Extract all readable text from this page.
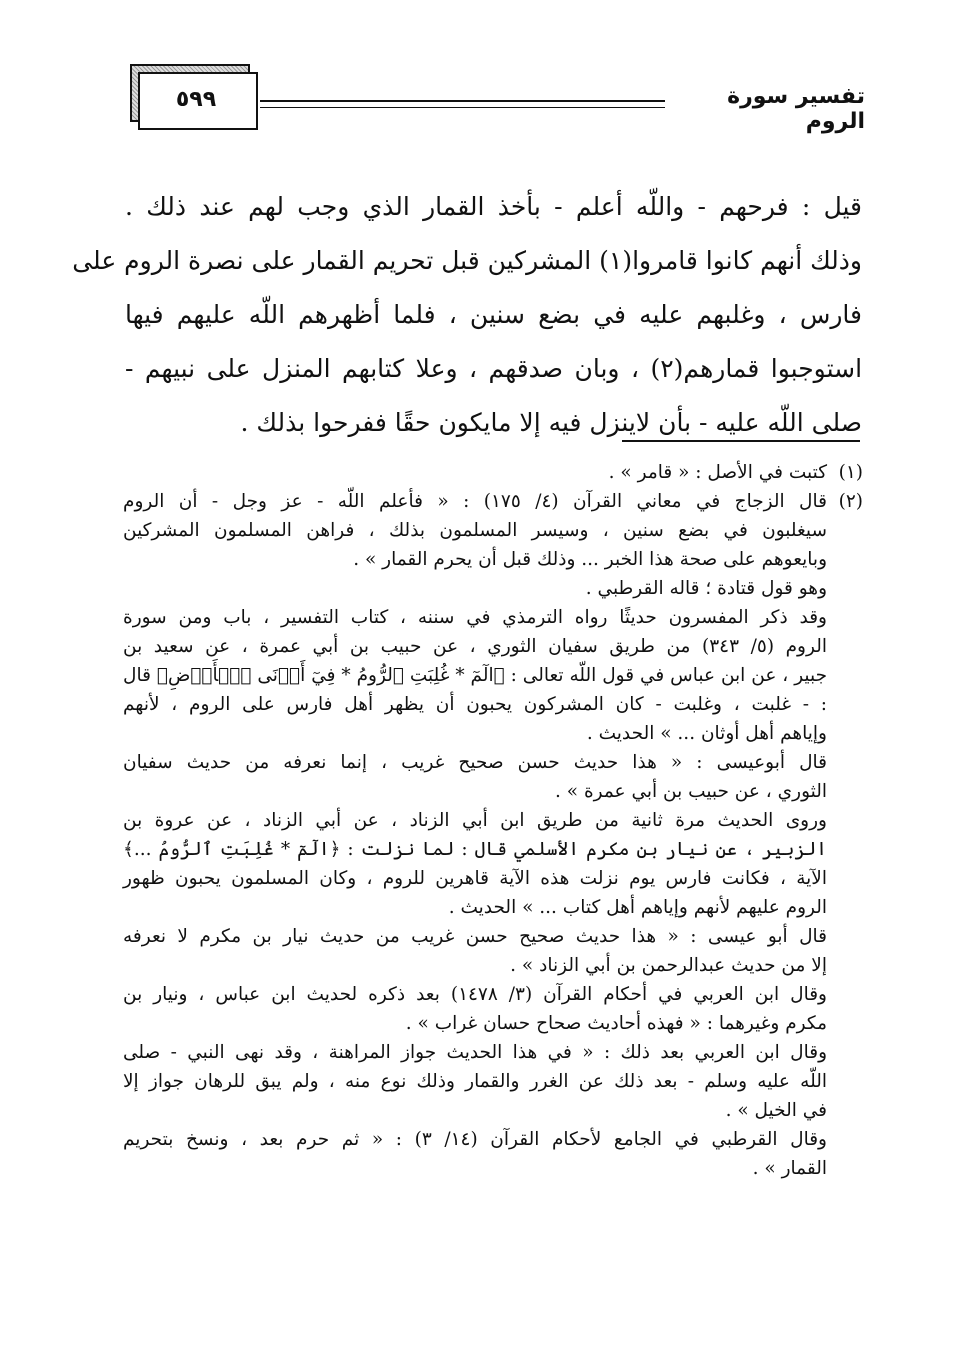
٥٩٩	تفسير سورة الروم
قيل : فرحهم - واللّه أعلم - بأخذ القمار الذي وجب لهم عند ذلك .
وذلك أنهم كانوا قامروا(١) المشركين قبل تحريم القمار على نصرة الروم على
فارس ، وغلبهم عليه في بضع سنين ، فلما أظهرهم اللّه عليهم فيها
استوجبوا قمارهم(٢) ، وبان صدقهم ، وعلا كتابهم المنزل على نبيهم -
صلى اللّه عليه - بأن لاينزل فيه إلا مايكون حقًا ففرحوا بذلك .
(١)كتبت في الأصل : « قامر » .
(٢)قال الزجاج في معاني القرآن (٤/ ١٧٥) : « فأعلم اللّه - عز وجل - أن الروم
سيغلبون في بضع سنين ، وسيسر المسلمون بذلك ، فراهن المسلمون المشركين
وبايعوهم على صحة هذا الخبر ... وذلك قبل أن يحرم القمار » .
وهو قول قتادة ؛ قاله القرطبي .
وقد ذكر المفسرون حديثًا رواه الترمذي في سننه ، كتاب التفسير ، باب ومن سورة
الروم (٥/ ٣٤٣) من طريق سفيان الثوري ، عن حبيب بن أبي عمرة ، عن سعيد بن
جبير ، عن ابن عباس في قول اللّه تعالى : ﴿الٓمٓ * غُلِبَتِ ٱلرُّومُ * فِيٓ أَدۡنَى ٱلۡأَرۡضِ﴾ قال
: - غلبت ، وغلبت - كان المشركون يحبون أن يظهر أهل فارس على الروم ، لأنهم
وإياهم أهل أوثان ... » الحديث .
قال أبوعيسى : « هذا حديث حسن صحيح غريب ، إنما نعرفه من حديث سفيان
الثوري ، عن حبيب بن أبي عمرة » .
وروى الحديث مرة ثانية من طريق ابن أبي الزناد ، عن أبي الزناد ، عن عروة بن
الزبير ، عن نيار بن مكرم الأسلمي قال : لما نزلت : ﴿الٓمٓ * غُلِبَتِ ٱلرُّومُ ...﴾
الآية ، فكانت فارس يوم نزلت هذه الآية قاهرين للروم ، وكان المسلمون يحبون ظهور
الروم عليهم لأنهم وإياهم أهل كتاب ... » الحديث .
قال أبو عيسى : « هذا حديث صحيح حسن غريب من حديث نيار بن مكرم لا نعرفه
إلا من حديث عبدالرحمن بن أبي الزناد » .
وقال ابن العربي في أحكام القرآن (٣/ ١٤٧٨) بعد ذكره لحديث ابن عباس ، ونيار بن
مكرم وغيرهما : « فهذه أحاديث صحاح حسان غراب » .
وقال ابن العربي بعد ذلك : « في هذا الحديث جواز المراهنة ، وقد نهى النبي - صلى
اللّه عليه وسلم - بعد ذلك عن الغرر والقمار وذلك نوع منه ، ولم يبق للرهان جواز إلا
في الخيل » .
وقال القرطبي في الجامع لأحكام القرآن (١٤/ ٣) : « ثم حرم بعد ، ونسخ بتحريم
القمار » .
